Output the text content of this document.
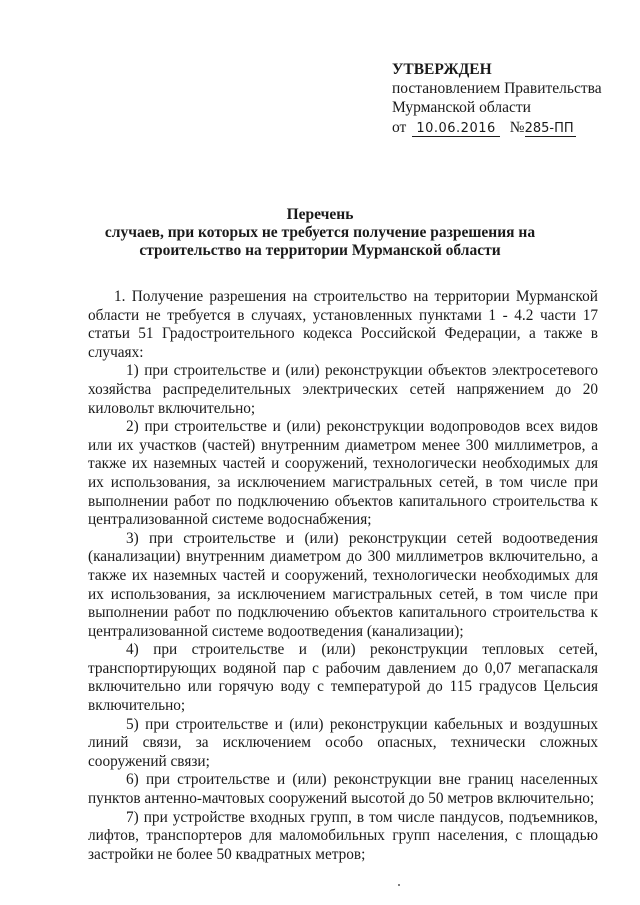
УТВЕРЖДЕН
постановлением Правительства
Мурманской области
от 10.06.2016 №285-ПП
Перечень
случаев, при которых не требуется получение разрешения на
строительство на территории Мурманской области

1. Получение разрешения на строительство на территории Мурманской области не требуется в случаях, установленных пунктами 1 - 4.2 части 17 статьи 51 Градостроительного кодекса Российской Федерации, а также в случаях:

1) при строительстве и (или) реконструкции объектов электросетевого хозяйства распределительных электрических сетей напряжением до 20 киловольт включительно;

2) при строительстве и (или) реконструкции водопроводов всех видов или их участков (частей) внутренним диаметром менее 300 миллиметров, а также их наземных частей и сооружений, технологически необходимых для их использования, за исключением магистральных сетей, в том числе при выполнении работ по подключению объектов капитального строительства к централизованной системе водоснабжения;

3) при строительстве и (или) реконструкции сетей водоотведения (канализации) внутренним диаметром до 300 миллиметров включительно, а также их наземных частей и сооружений, технологически необходимых для их использования, за исключением магистральных сетей, в том числе при выполнении работ по подключению объектов капитального строительства к централизованной системе водоотведения (канализации);

4) при строительстве и (или) реконструкции тепловых сетей, транспортирующих водяной пар с рабочим давлением до 0,07 мегапаскаля включительно или горячую воду с температурой до 115 градусов Цельсия включительно;

5) при строительстве и (или) реконструкции кабельных и воздушных линий связи, за исключением особо опасных, технически сложных сооружений связи;

6) при строительстве и (или) реконструкции вне границ населенных пунктов антенно-мачтовых сооружений высотой до 50 метров включительно;

7) при устройстве входных групп, в том числе пандусов, подъемников, лифтов, транспортеров для маломобильных групп населения, с площадью застройки не более 50 квадратных метров;
